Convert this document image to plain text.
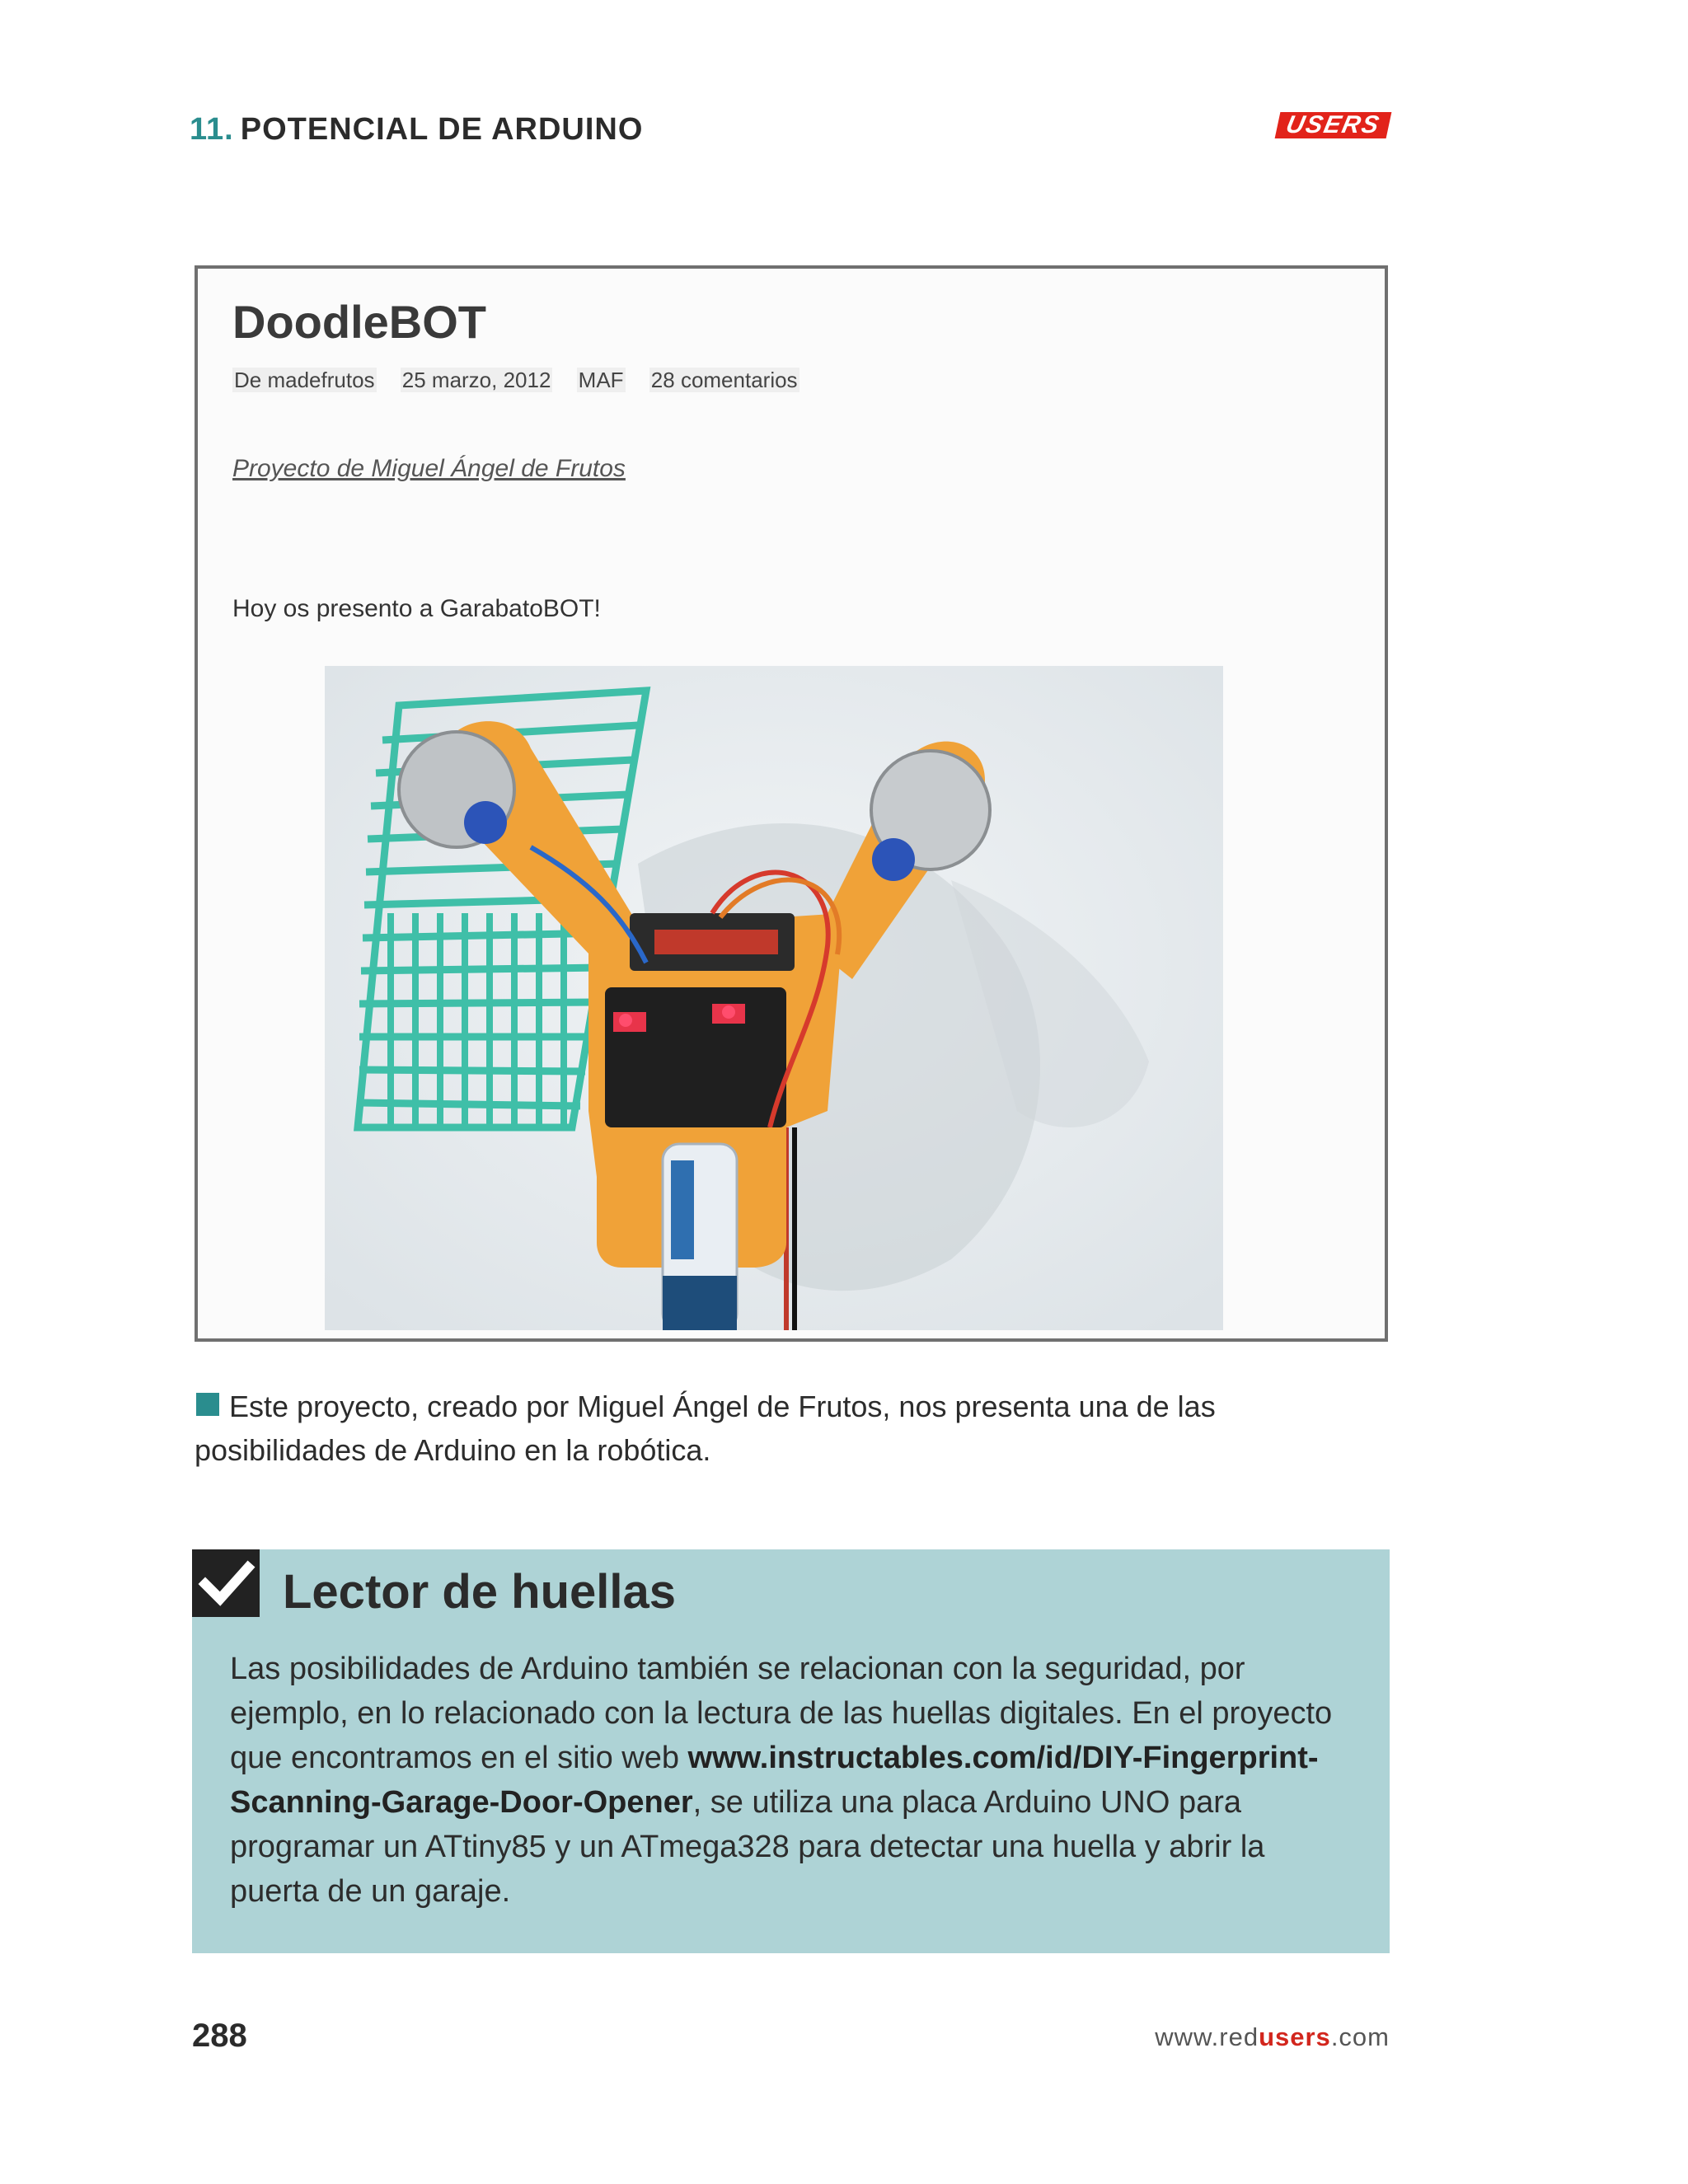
11. POTENCIAL DE ARDUINO	USERS
DoodleBOT
De madefrutos 25 marzo, 2012 MAF 28 comentarios
Proyecto de Miguel Ángel de Frutos
Hoy os presento a GarabatoBOT!
Este proyecto, creado por Miguel Ángel de Frutos, nos presenta una de las posibilidades de Arduino en la robótica.
Lector de huellas
Las posibilidades de Arduino también se relacionan con la seguridad, por ejemplo, en lo relacionado con la lectura de las huellas digitales. En el proyecto que encontramos en el sitio web www.instructables.com/id/DIY-Fingerprint-Scanning-Garage-Door-Opener, se utiliza una placa Arduino UNO para programar un ATtiny85 y un ATmega328 para detectar una huella y abrir la puerta de un garaje.
288	www.redusers.com
